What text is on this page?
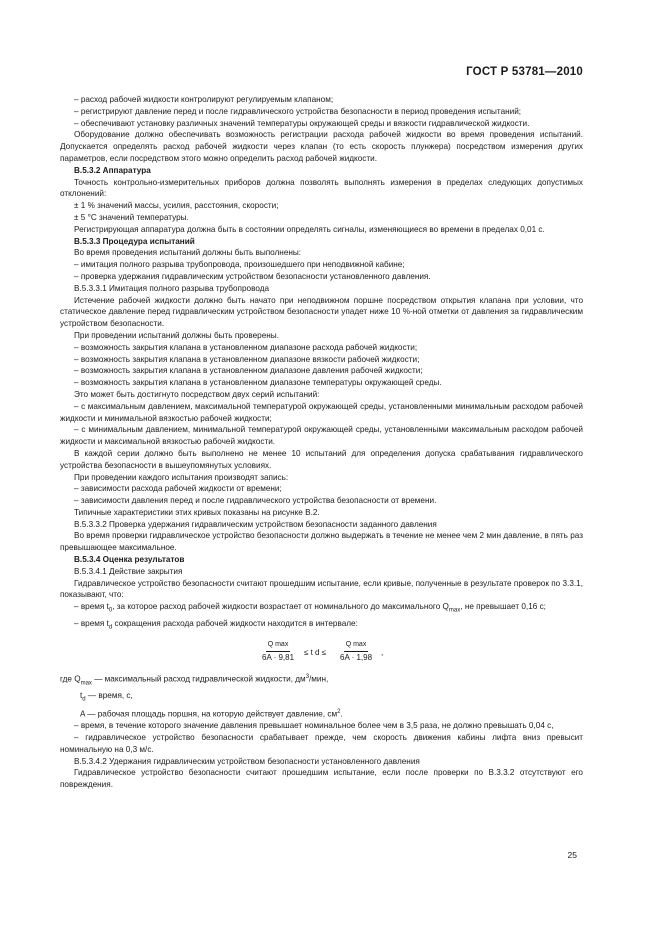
ГОСТ Р 53781—2010

– расход рабочей жидкости контролируют регулируемым клапаном;

– регистрируют давление перед и после гидравлического устройства безопасности в период проведения испытаний;

– обеспечивают установку различных значений температуры окружающей среды и вязкости гидравлической жидкости.

Оборудование должно обеспечивать возможность регистрации расхода рабочей жидкости во время проведения испытаний. Допускается определять расход рабочей жидкости через клапан (то есть скорость плунжера) посредством измерения других параметров, если посредством этого можно определить расход рабочей жидкости.

В.5.3.2 Аппаратура

Точность контрольно-измерительных приборов должна позволять выполнять измерения в пределах следующих допустимых отклонений:

± 1 % значений массы, усилия, расстояния, скорости;

± 5 °С значений температуры.

Регистрирующая аппаратура должна быть в состоянии определять сигналы, изменяющиеся во времени в пределах 0,01 с.

В.5.3.3 Процедура испытаний

Во время проведения испытаний должны быть выполнены:

– имитация полного разрыва трубопровода, произошедшего при неподвижной кабине;

– проверка удержания гидравлическим устройством безопасности установленного давления.

В.5.3.3.1 Имитация полного разрыва трубопровода

Истечение рабочей жидкости должно быть начато при неподвижном поршне посредством открытия клапана при условии, что статическое давление перед гидравлическим устройством безопасности упадет ниже 10 %-ной отметки от давления за гидравлическим устройством безопасности.

При проведении испытаний должны быть проверены.

– возможность закрытия клапана в установленном диапазоне расхода рабочей жидкости;

– возможность закрытия клапана в установленном диапазоне вязкости рабочей жидкости;

– возможность закрытия клапана в установленном диапазоне давления рабочей жидкости;

– возможность закрытия клапана в установленном диапазоне температуры окружающей среды.

Это может быть достигнуто посредством двух серий испытаний:

– с максимальным давлением, максимальной температурой окружающей среды, установленными минимальным расходом рабочей жидкости и минимальной вязкостью рабочей жидкости;

– с минимальным давлением, минимальной температурой окружающей среды, установленными максимальным расходом рабочей жидкости и максимальной вязкостью рабочей жидкости.

В каждой серии должно быть выполнено не менее 10 испытаний для определения допуска срабатывания гидравлического устройства безопасности в вышеупомянутых условиях.

При проведении каждого испытания производят запись:

– зависимости расхода рабочей жидкости от времени;

– зависимости давления перед и после гидравлического устройства безопасности от времени.

Типичные характеристики этих кривых показаны на рисунке В.2.

В.5.3.3.2 Проверка удержания гидравлическим устройством безопасности заданного давления

Во время проверки гидравлическое устройство безопасности должно выдержать в течение не менее чем 2 мин давление, в пять раз превышающее максимальное.

В.5.3.4 Оценка результатов

В.5.3.4.1 Действие закрытия

Гидравлическое устройство безопасности считают прошедшим испытание, если кривые, полученные в результате проверок по 3.3.1, показывают, что:

– время $t_0$, за которое расход рабочей жидкости возрастает от номинального до максимального $Q_{max}$, не превышает 0,16 с;

– время $t_d$ сокращения расхода рабочей жидкости находится в интервале:

Q max
6A · 9,81
≤ t d ≤
Q max
6A · 1,98
,

где $Q_{max}$ — максимальный расход гидравлической жидкости, $дм^3$/мин,

$t_d$ — время, с,

A — рабочая площадь поршня, на которую действует давление, $см^2$.

– время, в течение которого значение давления превышает номинальное более чем в 3,5 раза, не должно превышать 0,04 с,

– гидравлическое устройство безопасности срабатывает прежде, чем скорость движения кабины лифта вниз превысит номинальную на 0,3 м/с.

В.5.3.4.2 Удержания гидравлическим устройством безопасности установленного давления

Гидравлическое устройство безопасности считают прошедшим испытание, если после проверки по В.3.3.2 отсутствуют его повреждения.

25
